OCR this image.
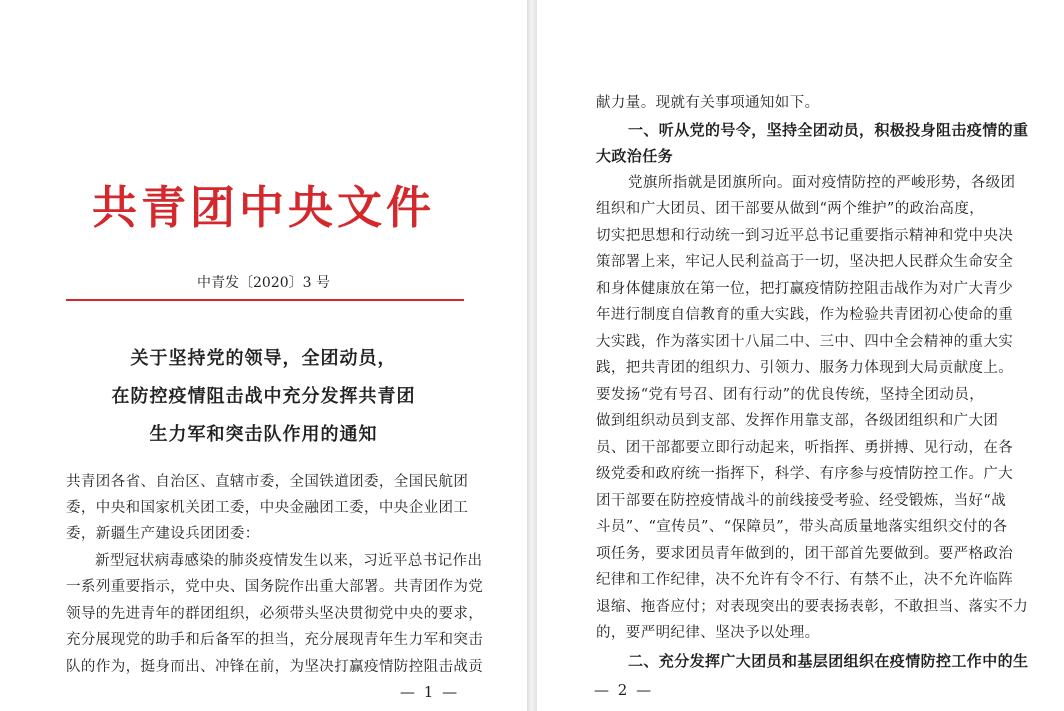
共青团中央文件
中青发〔2020〕3 号
关于坚持党的领导，全团动员，
在防控疫情阻击战中充分发挥共青团
生力军和突击队作用的通知
共青团各省、自治区、直辖市委，全国铁道团委，全国民航团
委，中央和国家机关团工委，中央金融团工委，中央企业团工
委，新疆生产建设兵团团委：
新型冠状病毒感染的肺炎疫情发生以来，习近平总书记作出
一系列重要指示，党中央、国务院作出重大部署。共青团作为党
领导的先进青年的群团组织，必须带头坚决贯彻党中央的要求，
充分展现党的助手和后备军的担当，充分展现青年生力军和突击
队的作为，挺身而出、冲锋在前，为坚决打赢疫情防控阻击战贡
— 1 —
献力量。现就有关事项通知如下。
一、听从党的号令，坚持全团动员，积极投身阻击疫情的重
大政治任务
党旗所指就是团旗所向。面对疫情防控的严峻形势，各级团
组织和广大团员、团干部要从做到“两个维护”的政治高度，
切实把思想和行动统一到习近平总书记重要指示精神和党中央决
策部署上来，牢记人民利益高于一切，坚决把人民群众生命安全
和身体健康放在第一位，把打赢疫情防控阻击战作为对广大青少
年进行制度自信教育的重大实践，作为检验共青团初心使命的重
大实践，作为落实团十八届二中、三中、四中全会精神的重大实
践，把共青团的组织力、引领力、服务力体现到大局贡献度上。
要发扬“党有号召、团有行动”的优良传统，坚持全团动员，
做到组织动员到支部、发挥作用靠支部，各级团组织和广大团
员、团干部都要立即行动起来，听指挥、勇拼搏、见行动，在各
级党委和政府统一指挥下，科学、有序参与疫情防控工作。广大
团干部要在防控疫情战斗的前线接受考验、经受锻炼，当好“战
斗员”、“宣传员”、“保障员”，带头高质量地落实组织交付的各
项任务，要求团员青年做到的，团干部首先要做到。要严格政治
纪律和工作纪律，决不允许有令不行、有禁不止，决不允许临阵
退缩、拖沓应付；对表现突出的要表扬表彰，不敢担当、落实不力
的，要严明纪律、坚决予以处理。
二、充分发挥广大团员和基层团组织在疫情防控工作中的生
— 2 —
